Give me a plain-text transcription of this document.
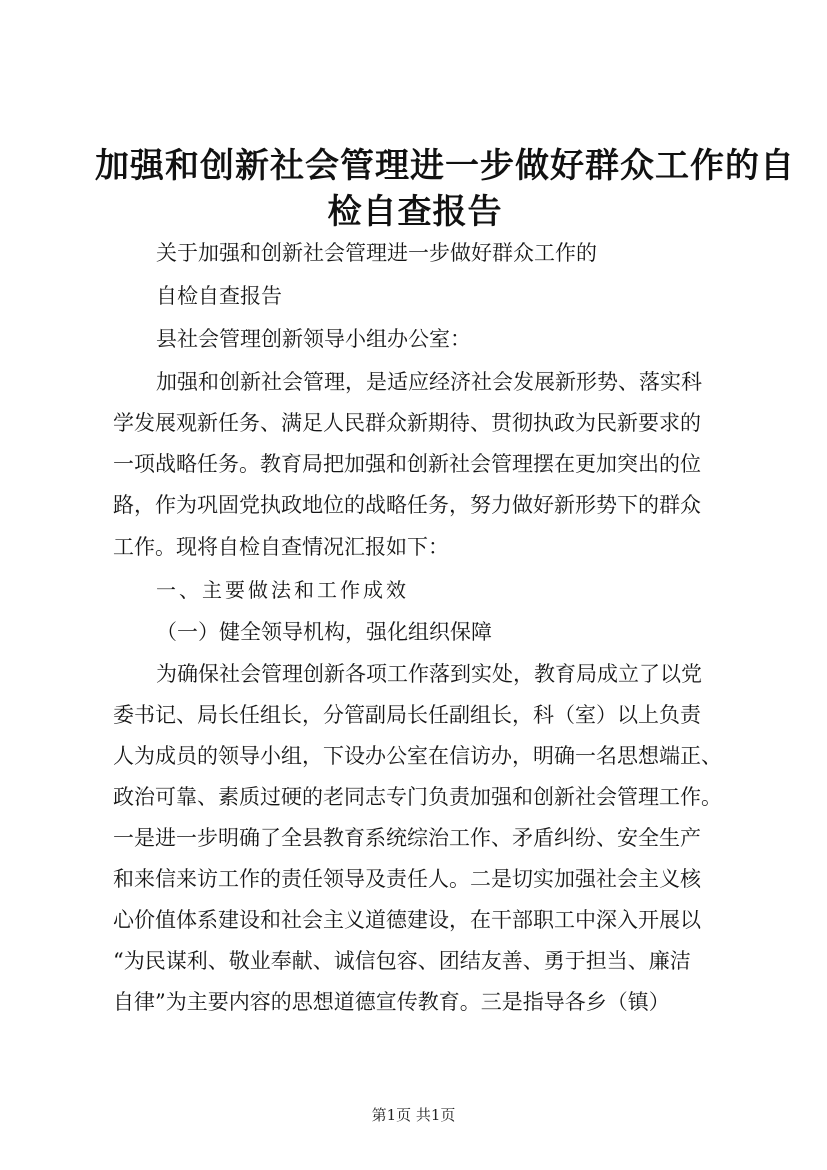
加强和创新社会管理进一步做好群众工作的自
检自查报告
关于加强和创新社会管理进一步做好群众工作的
自检自查报告
县社会管理创新领导小组办公室：
加强和创新社会管理，是适应经济社会发展新形势、落实科
学发展观新任务、满足人民群众新期待、贯彻执政为民新要求的
一项战略任务。教育局把加强和创新社会管理摆在更加突出的位
路，作为巩固党执政地位的战略任务，努力做好新形势下的群众
工作。现将自检自查情况汇报如下：
一、主要做法和工作成效
（一）健全领导机构，强化组织保障
为确保社会管理创新各项工作落到实处，教育局成立了以党
委书记、局长任组长，分管副局长任副组长，科（室）以上负责
人为成员的领导小组，下设办公室在信访办，明确一名思想端正、
政治可靠、素质过硬的老同志专门负责加强和创新社会管理工作。
一是进一步明确了全县教育系统综治工作、矛盾纠纷、安全生产
和来信来访工作的责任领导及责任人。二是切实加强社会主义核
心价值体系建设和社会主义道德建设，在干部职工中深入开展以
“为民谋利、敬业奉献、诚信包容、团结友善、勇于担当、廉洁
自律”为主要内容的思想道德宣传教育。三是指导各乡（镇）
第1页 共1页
